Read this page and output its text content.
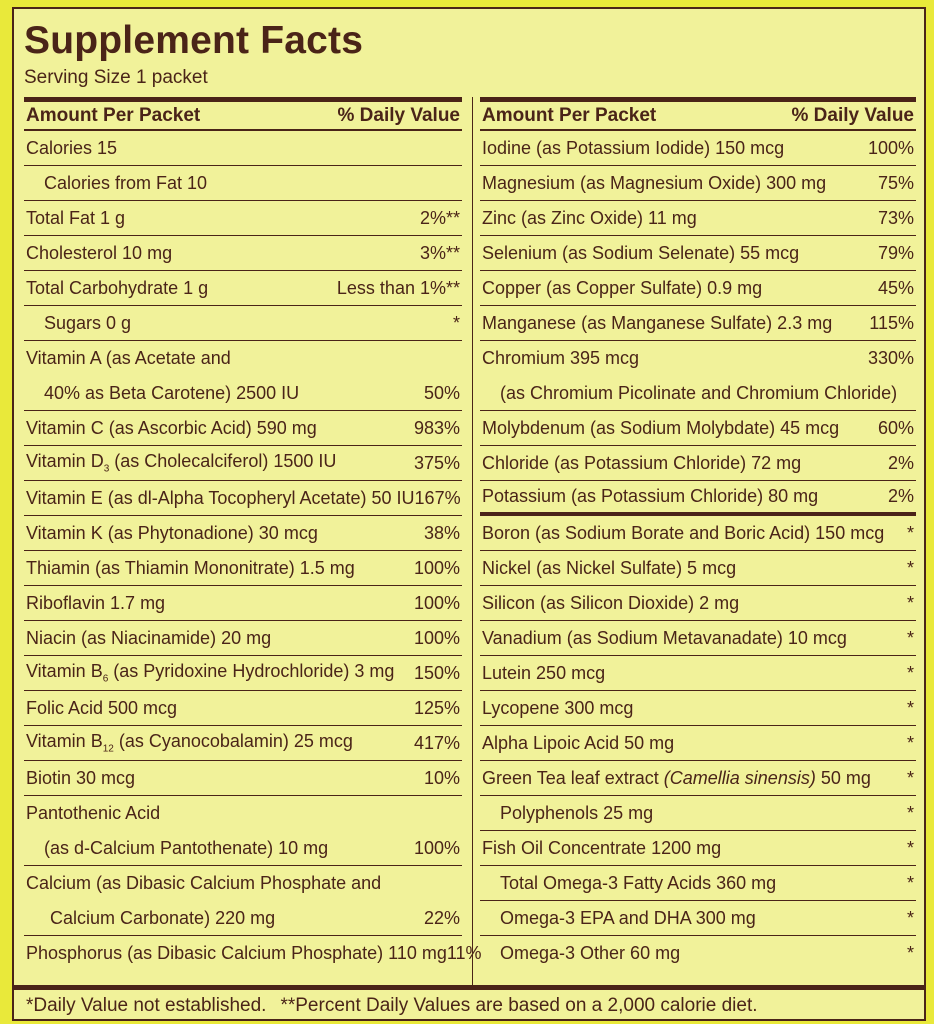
Supplement Facts
Serving Size 1 packet
Amount Per Packet	% Daily Value
Calories 15
Calories from Fat 10
Total Fat 1 g	2%**
Cholesterol 10 mg	3%**
Total Carbohydrate 1 g	Less than 1%**
Sugars 0 g	*
Vitamin A (as Acetate and
40% as Beta Carotene) 2500 IU	50%
Vitamin C (as Ascorbic Acid) 590 mg	983%
Vitamin $D_3$ (as Cholecalciferol) 1500 IU	375%
Vitamin E (as dl-Alpha Tocopheryl Acetate) 50 IU 167%
Vitamin K (as Phytonadione) 30 mcg	38%
Thiamin (as Thiamin Mononitrate) 1.5 mg	100%
Riboflavin 1.7 mg	100%
Niacin (as Niacinamide) 20 mg	100%
Vitamin $B_6$ (as Pyridoxine Hydrochloride) 3 mg	150%
Folic Acid 500 mcg	125%
Vitamin $B_{12}$ (as Cyanocobalamin) 25 mcg	417%
Biotin 30 mcg	10%
Pantothenic Acid
(as d-Calcium Pantothenate) 10 mg	100%
Calcium (as Dibasic Calcium Phosphate and
Calcium Carbonate) 220 mg	22%
Phosphorus (as Dibasic Calcium Phosphate) 110 mg 11%
Amount Per Packet	% Daily Value
Iodine (as Potassium Iodide) 150 mcg	100%
Magnesium (as Magnesium Oxide) 300 mg	75%
Zinc (as Zinc Oxide) 11 mg	73%
Selenium (as Sodium Selenate) 55 mcg	79%
Copper (as Copper Sulfate) 0.9 mg	45%
Manganese (as Manganese Sulfate) 2.3 mg	115%
Chromium 395 mcg	330%
(as Chromium Picolinate and Chromium Chloride)
Molybdenum (as Sodium Molybdate) 45 mcg	60%
Chloride (as Potassium Chloride) 72 mg	2%
Potassium (as Potassium Chloride) 80 mg	2%
Boron (as Sodium Borate and Boric Acid) 150 mcg	*
Nickel (as Nickel Sulfate) 5 mcg	*
Silicon (as Silicon Dioxide) 2 mg	*
Vanadium (as Sodium Metavanadate) 10 mcg	*
Lutein 250 mcg	*
Lycopene 300 mcg	*
Alpha Lipoic Acid 50 mg	*
Green Tea leaf extract (Camellia sinensis) 50 mg	*
Polyphenols 25 mg	*
Fish Oil Concentrate 1200 mg	*
Total Omega-3 Fatty Acids 360 mg	*
Omega-3 EPA and DHA 300 mg	*
Omega-3 Other 60 mg	*
*Daily Value not established. **Percent Daily Values are based on a 2,000 calorie diet.
